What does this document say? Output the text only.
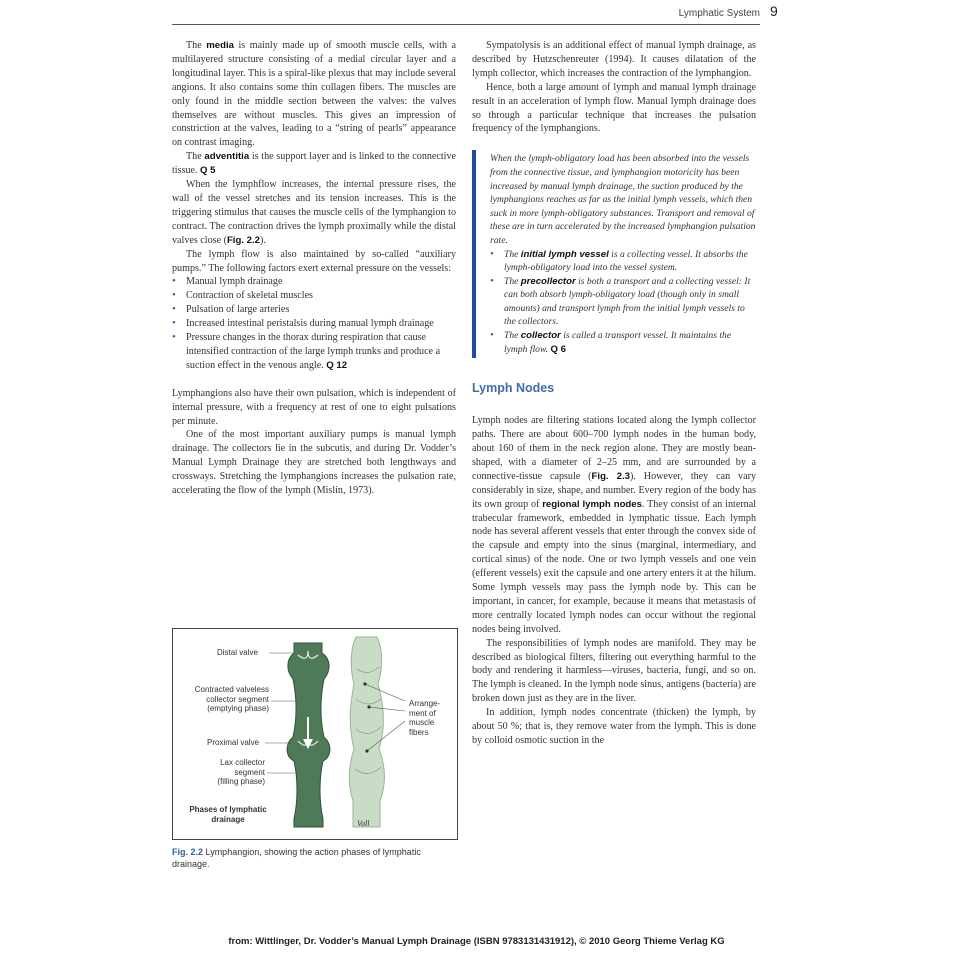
Lymphatic System 9

The media is mainly made up of smooth muscle cells, with a multilayered structure consisting of a medial circular layer and a longitudinal layer. This is a spiral-like plexus that may include several angions. It also contains some thin collagen fibers. The muscles are only found in the middle section between the valves: the valves themselves are without muscles. This gives an impression of constriction at the valves, leading to a “string of pearls” appearance on contrast imaging.

The adventitia is the support layer and is linked to the connective tissue. Q 5

When the lymphflow increases, the internal pressure rises, the wall of the vessel stretches and its tension increases. This is the triggering stimulus that causes the muscle cells of the lymphangion to contract. The contraction drives the lymph proximally while the distal valves close (Fig. 2.2).

The lymph flow is also maintained by so-called “auxiliary pumps.” The following factors exert external pressure on the vessels:

• Manual lymph drainage
• Contraction of skeletal muscles
• Pulsation of large arteries
• Increased intestinal peristalsis during manual lymph drainage
• Pressure changes in the thorax during respiration that cause intensified contraction of the large lymph trunks and produce a suction effect in the venous angle. Q 12

Lymphangions also have their own pulsation, which is independent of internal pressure, with a frequency at rest of one to eight pulsations per minute.

One of the most important auxiliary pumps is manual lymph drainage. The collectors lie in the subcutis, and during Dr. Vodder’s Manual Lymph Drainage they are stretched both lengthways and crossways. Stretching the lymphangions increases the pulsation rate, accelerating the flow of the lymph (Mislin, 1973).

Distal valve
Contracted valveless
collector segment
(emptying phase)
Proximal valve
Lax collector
segment
(filling phase)
Phases of lymphatic
drainage
Arrange-
ment of
muscle
fibers
Voll
Fig. 2.2 Lymphangion, showing the action phases of lymphatic drainage.

Sympatolysis is an additional effect of manual lymph drainage, as described by Hutzschenreuter (1994). It causes dilatation of the lymph collector, which increases the contraction of the lymphangion.

Hence, both a large amount of lymph and manual lymph drainage result in an acceleration of lymph flow. Manual lymph drainage does so through a particular technique that increases the pulsation frequency of the lymphangions.

When the lymph-obligatory load has been absorbed into the vessels from the connective tissue, and lymphangion motoricity has been increased by manual lymph drainage, the suction produced by the lymphangions reaches as far as the initial lymph vessels, which then suck in more lymph-obligatory substances. Transport and removal of these are in turn accelerated by the increased lymphangion pulsation rate.

• The initial lymph vessel is a collecting vessel. It absorbs the lymph-obligatory load into the vessel system.
• The precollector is both a transport and a collecting vessel: It can both absorb lymph-obligatory load (though only in small amounts) and transport lymph from the initial lymph vessels to the collectors.
• The collector is called a transport vessel. It maintains the lymph flow. Q 6
Lymph Nodes

Lymph nodes are filtering stations located along the lymph collector paths. There are about 600–700 lymph nodes in the human body, about 160 of them in the neck region alone. They are mostly bean-shaped, with a diameter of 2–25 mm, and are surrounded by a connective-tissue capsule (Fig. 2.3). However, they can vary considerably in size, shape, and number. Every region of the body has its own group of regional lymph nodes. They consist of an internal trabecular framework, embedded in lymphatic tissue. Each lymph node has several afferent vessels that enter through the convex side of the capsule and empty into the sinus (marginal, intermediary, and cortical sinus) of the node. One or two lymph vessels and one vein (efferent vessels) exit the capsule and one artery enters it at the hilum. Some lymph vessels may pass the lymph node by. This can be important, in cancer, for example, because it means that metastasis of more centrally located lymph nodes can occur without the regional nodes being involved.

The responsibilities of lymph nodes are manifold. They may be described as biological filters, filtering out everything harmful to the body and rendering it harmless—viruses, bacteria, fungi, and so on. The lymph is cleaned. In the lymph node sinus, antigens (bacteria) are broken down just as they are in the liver.

In addition, lymph nodes concentrate (thicken) the lymph, by about 50 %; that is, they remove water from the lymph. This is done by colloid osmotic suction in the

from: Wittlinger, Dr. Vodder’s Manual Lymph Drainage (ISBN 9783131431912), © 2010 Georg Thieme Verlag KG
